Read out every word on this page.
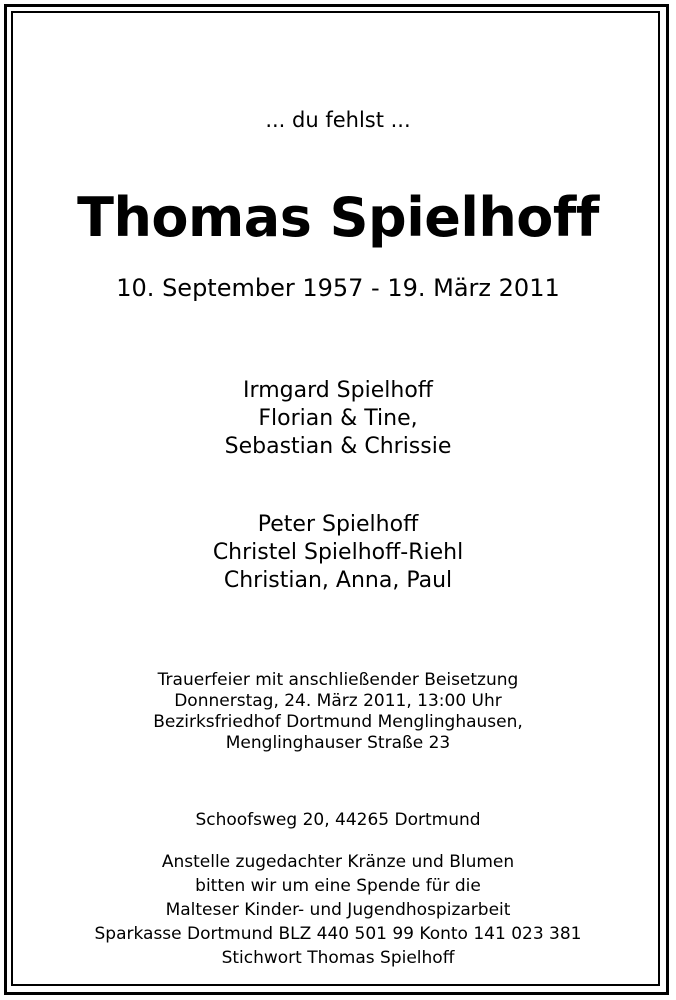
... du fehlst ...
Thomas Spielhoff
10. September 1957 - 19. März 2011
Irmgard Spielhoff
Florian & Tine,
Sebastian & Chrissie
Peter Spielhoff
Christel Spielhoff-Riehl
Christian, Anna, Paul
Trauerfeier mit anschließender Beisetzung
Donnerstag, 24. März 2011, 13:00 Uhr
Bezirksfriedhof Dortmund Menglinghausen,
Menglinghauser Straße 23
Schoofsweg 20, 44265 Dortmund
Anstelle zugedachter Kränze und Blumen
bitten wir um eine Spende für die
Malteser Kinder- und Jugendhospizarbeit
Sparkasse Dortmund BLZ 440 501 99 Konto 141 023 381
Stichwort Thomas Spielhoff
